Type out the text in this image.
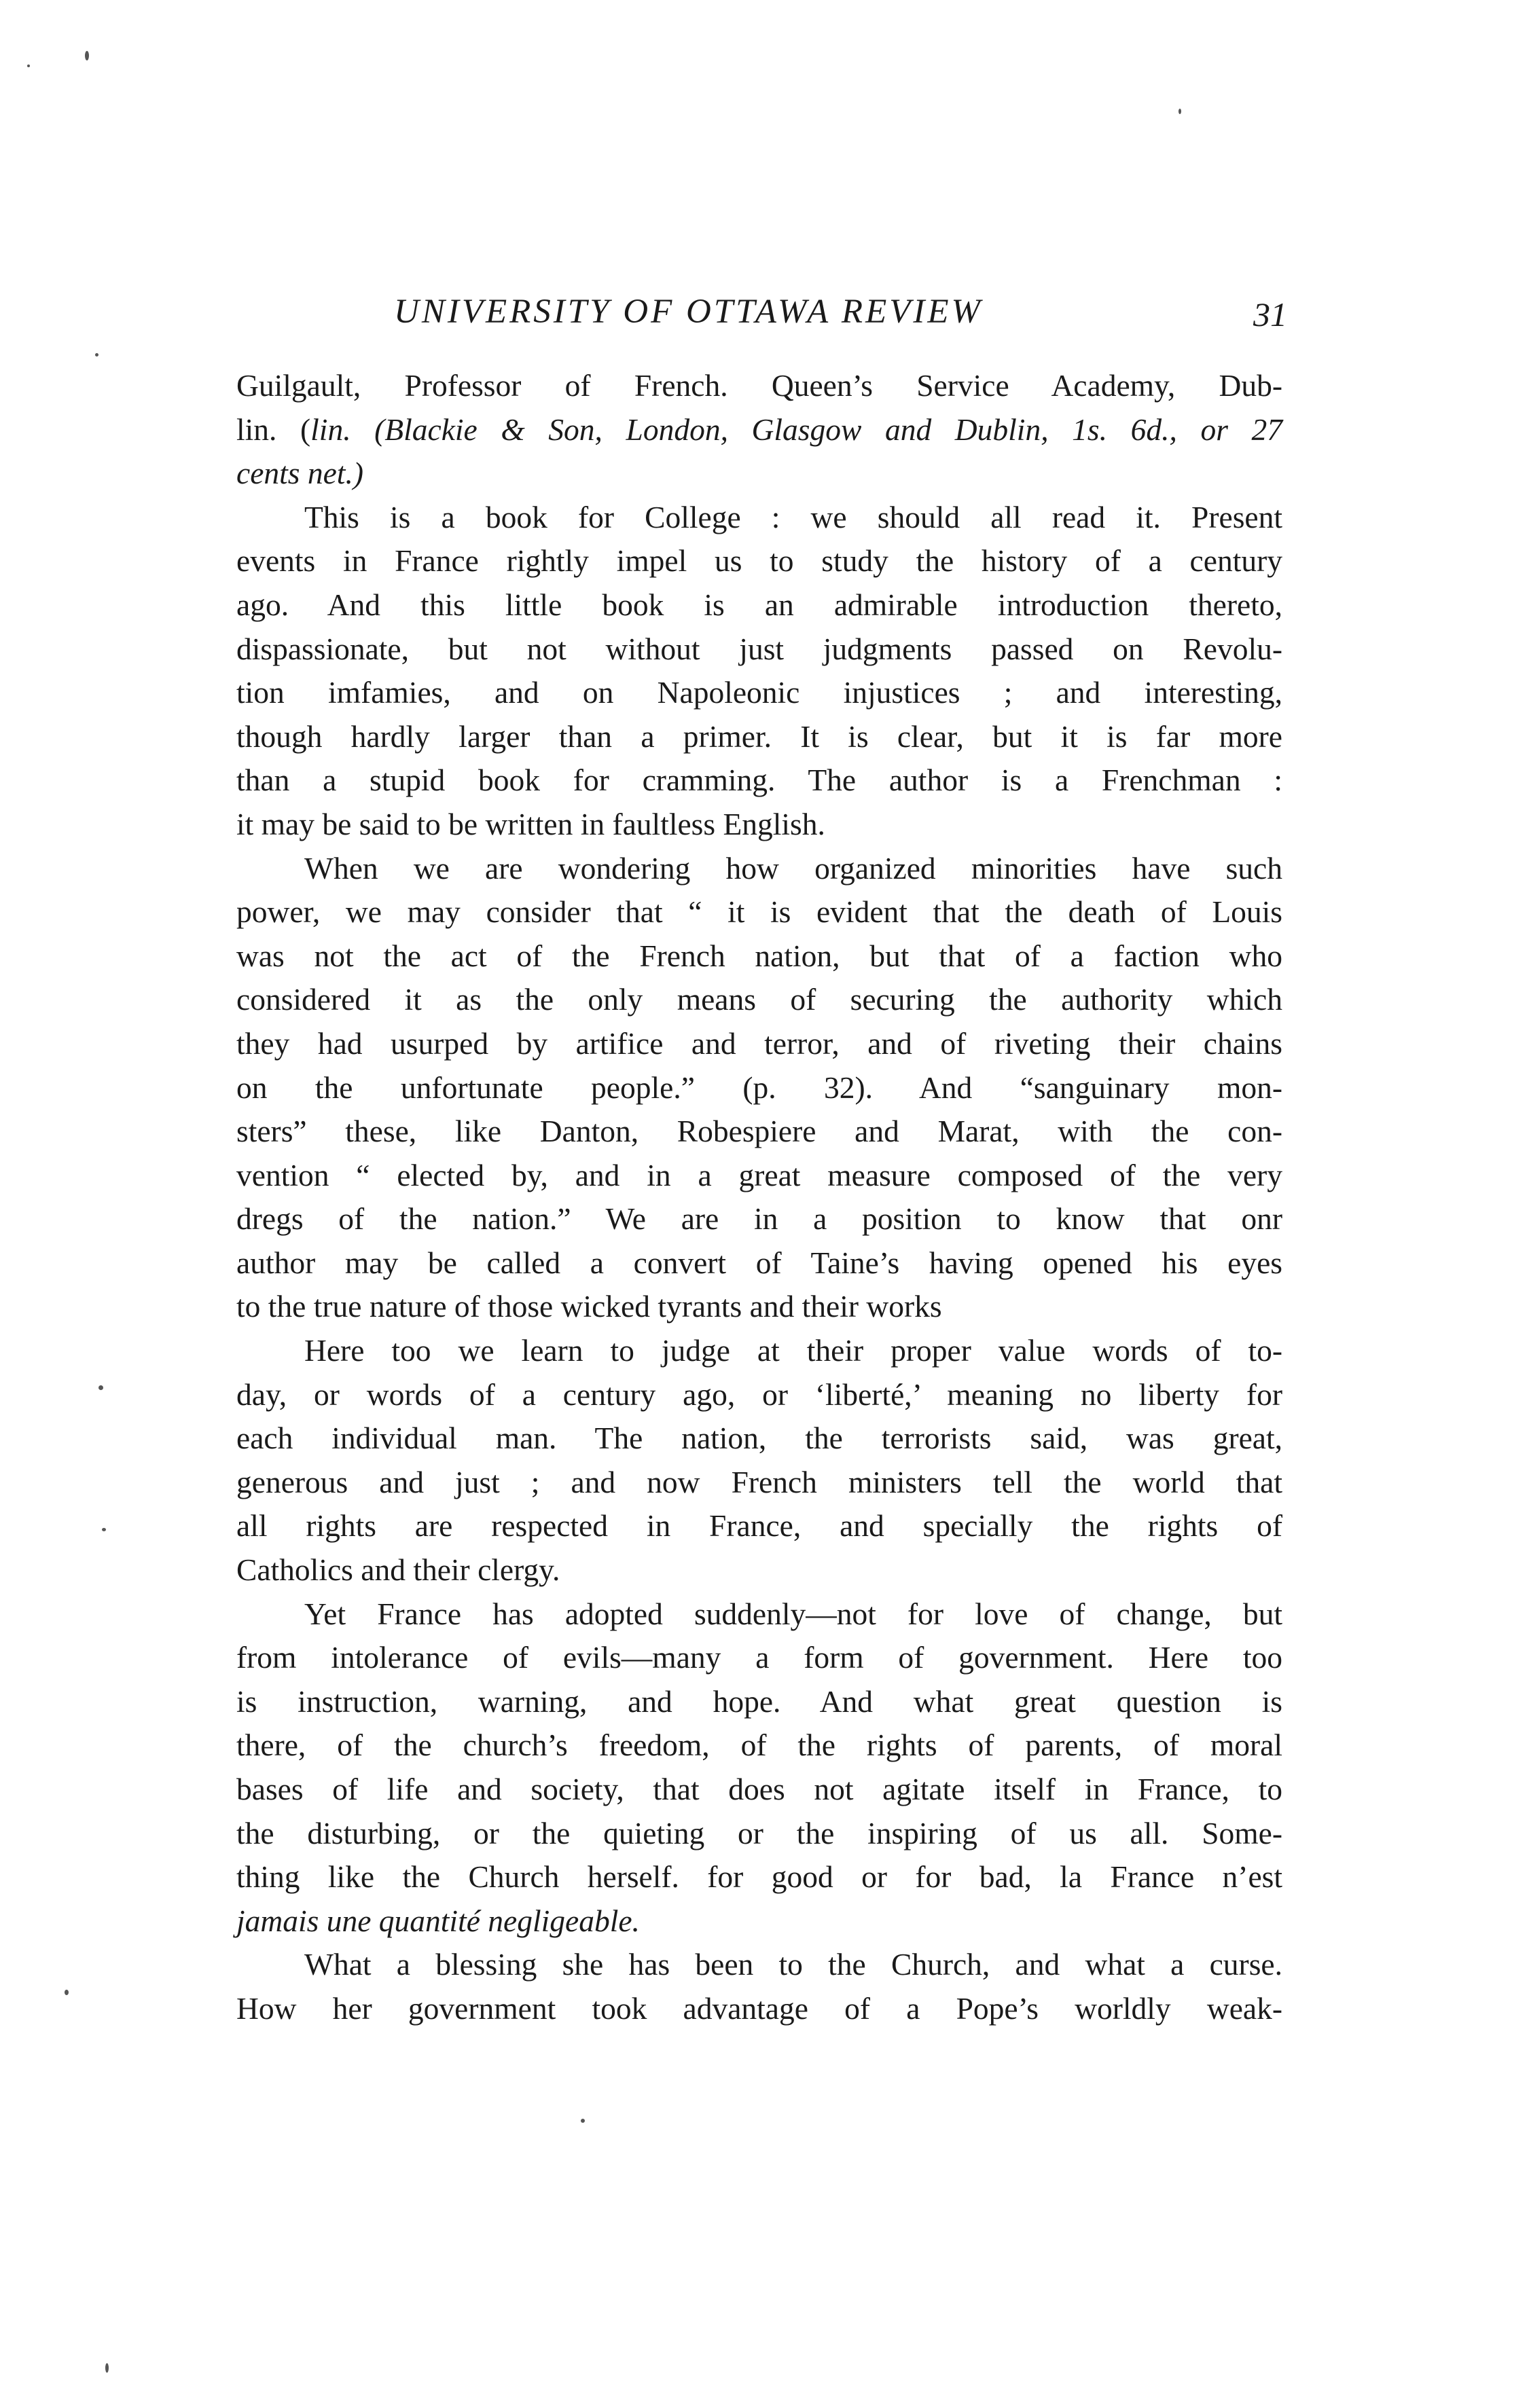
UNIVERSITY OF OTTAWA REVIEW	31
Guilgault, Professor of French. Queen’s Service Academy, Dub-
lin. (lin. (Blackie & Son, London, Glasgow and Dublin, 1s. 6d., or 27
cents net.)
This is a book for College : we should all read it. Present
events in France rightly impel us to study the history of a century
ago. And this little book is an admirable introduction thereto,
dispassionate, but not without just judgments passed on Revolu-
tion imfamies, and on Napoleonic injustices ; and interesting,
though hardly larger than a primer. It is clear, but it is far more
than a stupid book for cramming. The author is a Frenchman :
it may be said to be written in faultless English.
When we are wondering how organized minorities have such
power, we may consider that “ it is evident that the death of Louis
was not the act of the French nation, but that of a faction who
considered it as the only means of securing the authority which
they had usurped by artifice and terror, and of riveting their chains
on the unfortunate people.” (p. 32). And “sanguinary mon-
sters” these, like Danton, Robespiere and Marat, with the con-
vention “ elected by, and in a great measure composed of the very
dregs of the nation.” We are in a position to know that onr
author may be called a convert of Taine’s having opened his eyes
to the true nature of those wicked tyrants and their works
Here too we learn to judge at their proper value words of to-
day, or words of a century ago, or ‘liberté,’ meaning no liberty for
each individual man. The nation, the terrorists said, was great,
generous and just ; and now French ministers tell the world that
all rights are respected in France, and specially the rights of
Catholics and their clergy.
Yet France has adopted suddenly—not for love of change, but
from intolerance of evils—many a form of government. Here too
is instruction, warning, and hope. And what great question is
there, of the church’s freedom, of the rights of parents, of moral
bases of life and society, that does not agitate itself in France, to
the disturbing, or the quieting or the inspiring of us all. Some-
thing like the Church herself. for good or for bad, la France n’est
jamais une quantité negligeable.
What a blessing she has been to the Church, and what a curse.
How her government took advantage of a Pope’s worldly weak-
